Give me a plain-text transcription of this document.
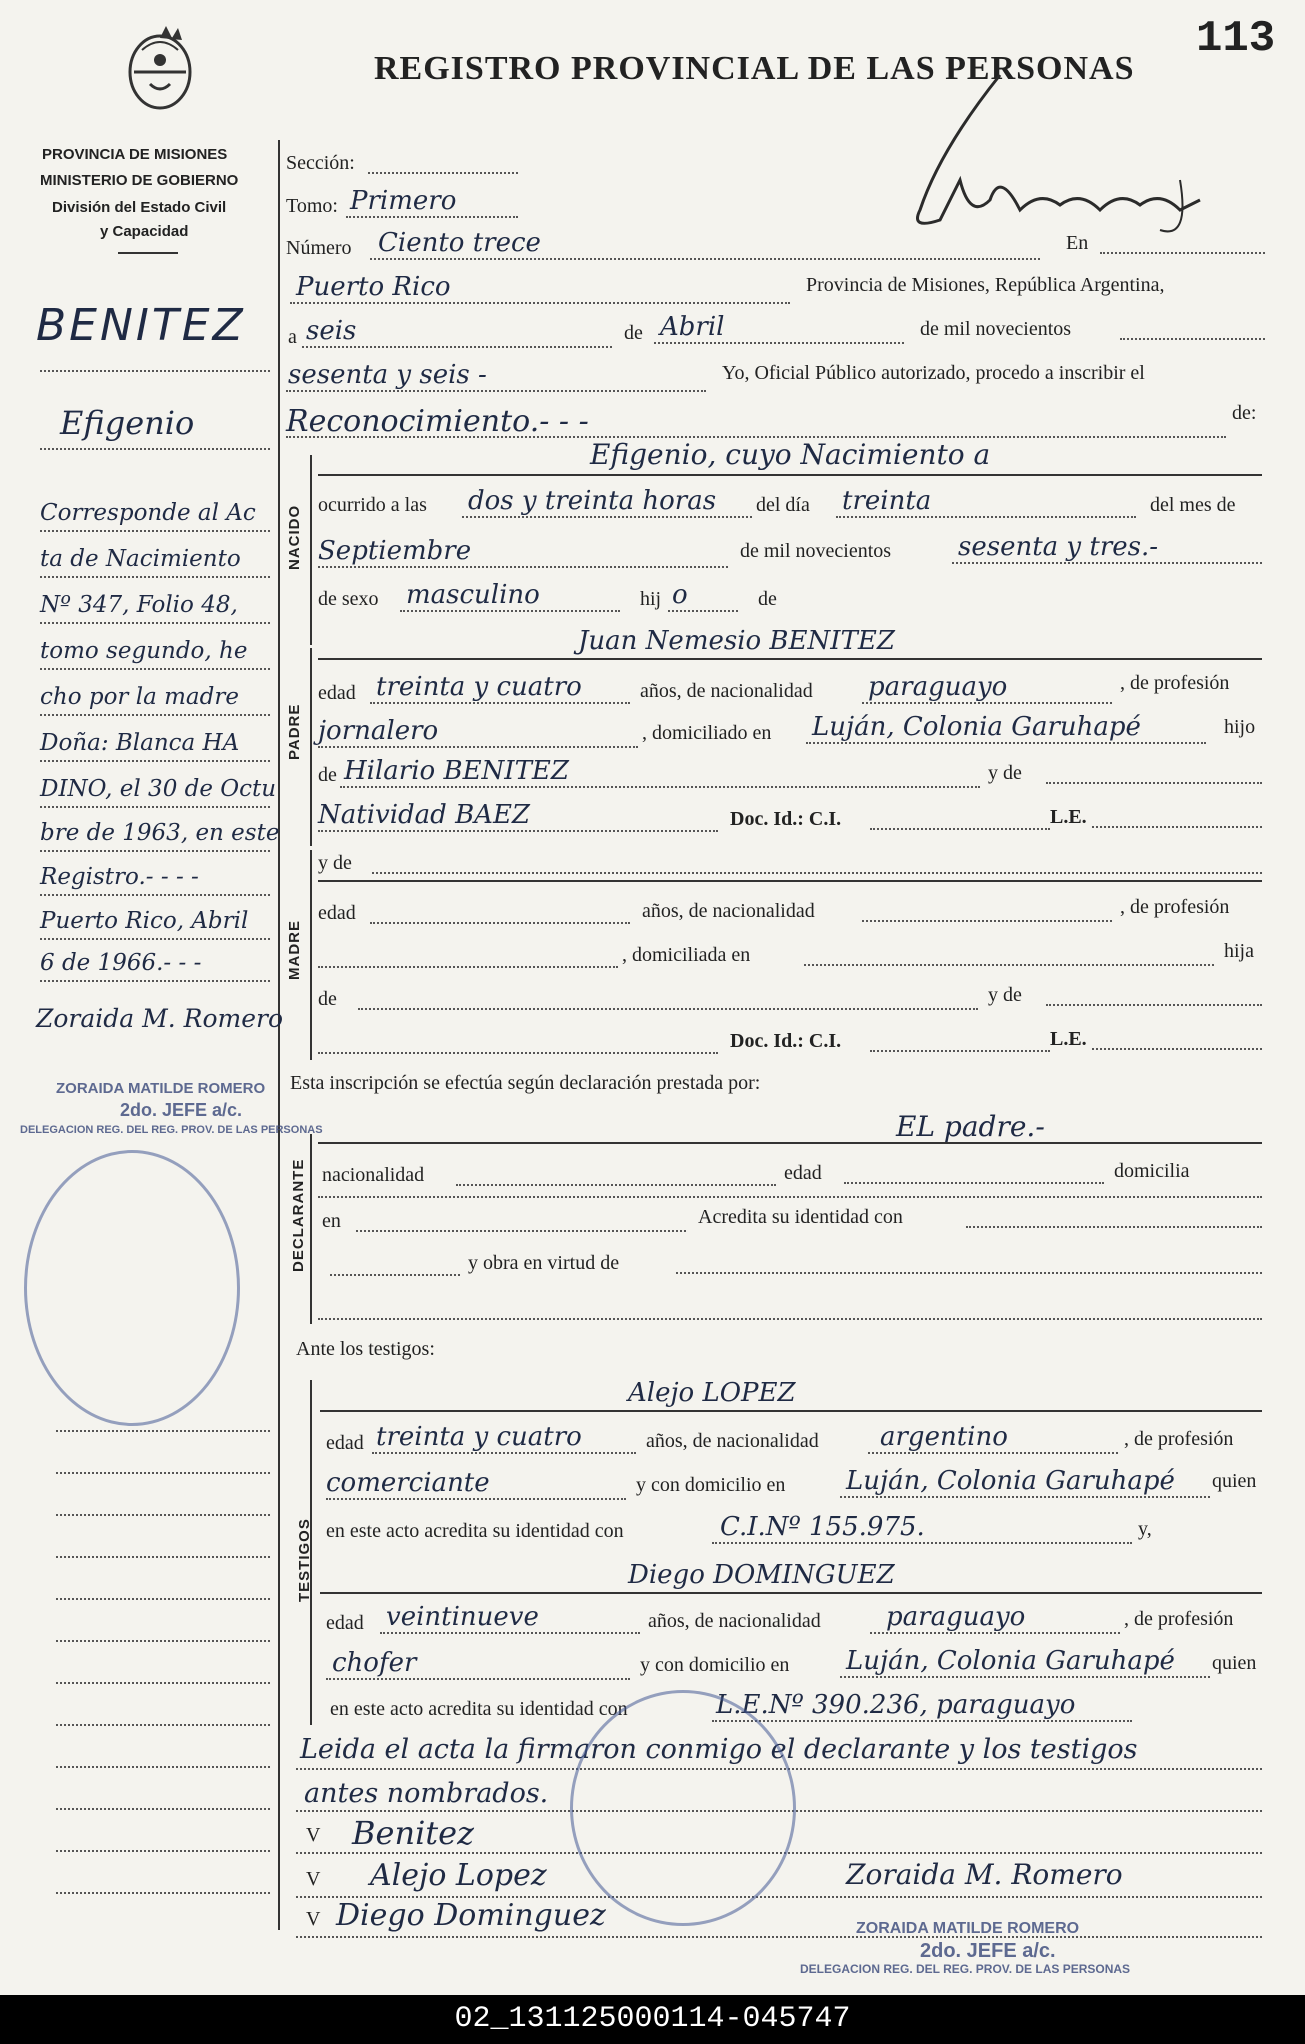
PROVINCIA DE MISIONES
MINISTERIO DE GOBIERNO
División del Estado Civil
y Capacidad
REGISTRO PROVINCIAL DE LAS PERSONAS
113
NACIDO
PADRE
MADRE
DECLARANTE
TESTIGOS
Sección:
Tomo: Primero
Número Ciento trece	En
Puerto Rico	Provincia de Misiones, República Argentina,
a seis	de Abril	de mil novecientos
sesenta y seis -	Yo, Oficial Público autorizado, procedo a inscribir el
Reconocimiento.- - -	de:
Efigenio, cuyo Nacimiento a
ocurrido a las dos y treinta horas del día treinta	del mes de
Septiembre	de mil novecientos	sesenta y tres.-
de sexo masculino	hij o	de
Juan Nemesio BENITEZ
edad treinta y cuatro	años, de nacionalidad paraguayo	, de profesión
jornalero	, domiciliado en Luján, Colonia Garuhapé	hijo
de Hilario BENITEZ	y de
Natividad BAEZ	Doc. Id.: C.I.	L.E.
y de
edad	años, de nacionalidad	, de profesión
, domiciliada en	hija
de	y de
Doc. Id.: C.I.	L.E.
Esta inscripción se efectúa según declaración prestada por:
EL padre.-
nacionalidad	edad	domicilia
en	Acredita su identidad con
y obra en virtud de
Ante los testigos:
Alejo LOPEZ
edad treinta y cuatro	años, de nacionalidad argentino	, de profesión
comerciante	y con domicilio en Luján, Colonia Garuhapé quien
en este acto acredita su identidad con	C.I.Nº 155.975.	y,
Diego DOMINGUEZ
edad veintinueve	años, de nacionalidad	paraguayo	, de profesión
chofer	y con domicilio en Luján, Colonia Garuhapé quien
en este acto acredita su identidad con	L.E.Nº 390.236, paraguayo
Leida el acta la firmaron conmigo el declarante y los testigos
antes nombrados.
V Benitez
V Alejo Lopez	Zoraida M. Romero
V Diego Dominguez	ZORAIDA MATILDE ROMERO
2do. JEFE a/c.
DELEGACION REG. DEL REG. PROV. DE LAS PERSONAS
BENITEZ
Efigenio
Corresponde al Ac
ta de Nacimiento
Nº 347, Folio 48,
tomo segundo, he
cho por la madre
Doña: Blanca HA
DINO, el 30 de Octu
bre de 1963, en este
Registro.- - - -
Puerto Rico, Abril
6 de 1966.- - -
Zoraida M. Romero
ZORAIDA MATILDE ROMERO
2do. JEFE a/c.
DELEGACION REG. DEL REG. PROV. DE LAS PERSONAS
02_131125000114-045747
